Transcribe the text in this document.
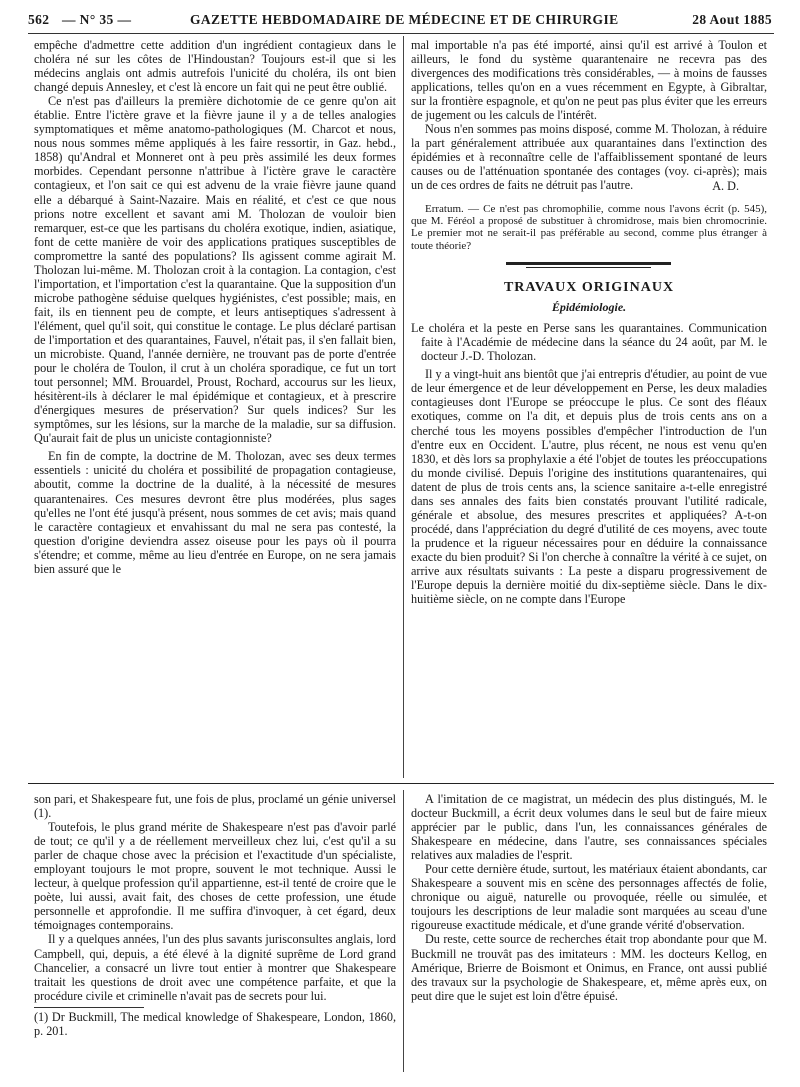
562 — N° 35 —	GAZETTE HEBDOMADAIRE DE MÉDECINE ET DE CHIRURGIE	28 Aout 1885

empêche d'admettre cette addition d'un ingrédient contagieux dans le choléra né sur les côtes de l'Hindoustan? Toujours est-il que si les médecins anglais ont admis autrefois l'unicité du choléra, ils ont bien changé depuis Annesley, et c'est là encore un fait qui ne peut être oublié.

Ce n'est pas d'ailleurs la première dichotomie de ce genre qu'on ait établie. Entre l'ictère grave et la fièvre jaune il y a de telles analogies symptomatiques et même anatomo-pathologiques (M. Charcot et nous, nous nous sommes même appliqués à les faire ressortir, in Gaz. hebd., 1858) qu'Andral et Monneret ont à peu près assimilé les deux formes morbides. Cependant personne n'attribue à l'ictère grave le caractère contagieux, et l'on sait ce qui est advenu de la vraie fièvre jaune quand elle a débarqué à Saint-Nazaire. Mais en réalité, et c'est ce que nous prions notre excellent et savant ami M. Tholozan de vouloir bien remarquer, est-ce que les partisans du choléra exotique, indien, asiatique, font de cette manière de voir des applications pratiques susceptibles de compromettre la santé des populations? Ils agissent comme agirait M. Tholozan lui-même. M. Tholozan croit à la contagion. La contagion, c'est l'importation, et l'importation c'est la quarantaine. Que la supposition d'un microbe pathogène séduise quelques hygiénistes, c'est possible; mais, en fait, ils en tiennent peu de compte, et leurs antiseptiques s'adressent à l'élément, quel qu'il soit, qui constitue le contage. Le plus déclaré partisan de l'importation et des quarantaines, Fauvel, n'était pas, il s'en fallait bien, un microbiste. Quand, l'année dernière, ne trouvant pas de porte d'entrée pour le choléra de Toulon, il crut à un choléra sporadique, ce fut un tort tout personnel; MM. Brouardel, Proust, Rochard, accourus sur les lieux, hésitèrent-ils à déclarer le mal épidémique et contagieux, et à prescrire d'énergiques mesures de préservation? Sur quels indices? Sur les symptômes, sur les lésions, sur la marche de la maladie, sur sa diffusion. Qu'aurait fait de plus un uniciste contagionniste?

En fin de compte, la doctrine de M. Tholozan, avec ses deux termes essentiels : unicité du choléra et possibilité de propagation contagieuse, aboutit, comme la doctrine de la dualité, à la nécessité de mesures quarantenaires. Ces mesures devront être plus modérées, plus sages qu'elles ne l'ont été jusqu'à présent, nous sommes de cet avis; mais quand le caractère contagieux et envahissant du mal ne sera pas contesté, la question d'origine deviendra assez oiseuse pour les pays où il pourra s'étendre; et comme, même au lieu d'entrée en Europe, on ne sera jamais bien assuré que le

mal importable n'a pas été importé, ainsi qu'il est arrivé à Toulon et ailleurs, le fond du système quarantenaire ne recevra pas des divergences des modifications très considérables, — à moins de fausses applications, telles qu'on en a vues récemment en Egypte, à Gibraltar, sur la frontière espagnole, et qu'on ne peut pas plus éviter que les erreurs de jugement ou les calculs de l'intérêt.

Nous n'en sommes pas moins disposé, comme M. Tholozan, à réduire la part généralement attribuée aux quarantaines dans l'extinction des épidémies et à reconnaître celle de l'affaiblissement spontané de leurs causes ou de l'atténuation spontanée des contages (voy. ci-après); mais un de ces ordres de faits ne détruit pas l'autre.	A. D.

Erratum. — Ce n'est pas chromophilie, comme nous l'avons écrit (p. 545), que M. Féréol a proposé de substituer à chromidrose, mais bien chromocrinie. Le premier mot ne serait-il pas préférable au second, comme plus étranger à toute théorie?

TRAVAUX ORIGINAUX
Épidémiologie.

Le choléra et la peste en Perse sans les quarantaines. Communication faite à l'Académie de médecine dans la séance du 24 août, par M. le docteur J.-D. Tholozan.

Il y a vingt-huit ans bientôt que j'ai entrepris d'étudier, au point de vue de leur émergence et de leur développement en Perse, les deux maladies contagieuses dont l'Europe se préoccupe le plus. Ce sont des fléaux exotiques, comme on l'a dit, et depuis plus de trois cents ans on a cherché tous les moyens possibles d'empêcher l'introduction de l'un d'entre eux en Occident. L'autre, plus récent, ne nous est venu qu'en 1830, et dès lors sa prophylaxie a été l'objet de toutes les préoccupations du monde civilisé. Depuis l'origine des institutions quarantenaires, qui datent de plus de trois cents ans, la science sanitaire a-t-elle enregistré dans ses annales des faits bien constatés prouvant l'utilité radicale, générale et absolue, des mesures prescrites et appliquées? A-t-on procédé, dans l'appréciation du degré d'utilité de ces moyens, avec toute la prudence et la rigueur nécessaires pour en déduire la connaissance exacte du bien produit? Si l'on cherche à connaître la vérité à ce sujet, on arrive aux résultats suivants : La peste a disparu progressivement de l'Europe depuis la dernière moitié du dix-septième siècle. Dans le dix-huitième siècle, on ne compte dans l'Europe

son pari, et Shakespeare fut, une fois de plus, proclamé un génie universel (1).

Toutefois, le plus grand mérite de Shakespeare n'est pas d'avoir parlé de tout; ce qu'il y a de réellement merveilleux chez lui, c'est qu'il a su parler de chaque chose avec la précision et l'exactitude d'un spécialiste, employant toujours le mot propre, souvent le mot technique. Aussi le lecteur, à quelque profession qu'il appartienne, est-il tenté de croire que le poète, lui aussi, avait fait, des choses de cette profession, une étude personnelle et approfondie. Il me suffira d'invoquer, à cet égard, deux témoignages contemporains.

Il y a quelques années, l'un des plus savants jurisconsultes anglais, lord Campbell, qui, depuis, a été élevé à la dignité suprême de Lord grand Chancelier, a consacré un livre tout entier à montrer que Shakespeare traitait les questions de droit avec une compétence parfaite, et que la procédure civile et criminelle n'avait pas de secrets pour lui.

(1) Dr Buckmill, The medical knowledge of Shakespeare, London, 1860, p. 201.

A l'imitation de ce magistrat, un médecin des plus distingués, M. le docteur Buckmill, a écrit deux volumes dans le seul but de faire mieux apprécier par le public, dans l'un, les connaissances générales de Shakespeare en médecine, dans l'autre, ses connaissances spéciales relatives aux maladies de l'esprit.

Pour cette dernière étude, surtout, les matériaux étaient abondants, car Shakespeare a souvent mis en scène des personnages affectés de folie, chronique ou aiguë, naturelle ou provoquée, réelle ou simulée, et toujours les descriptions de leur maladie sont marquées au sceau d'une rigoureuse exactitude médicale, et d'une grande vérité d'observation.

Du reste, cette source de recherches était trop abondante pour que M. Buckmill ne trouvât pas des imitateurs : MM. les docteurs Kellog, en Amérique, Brierre de Boismont et Onimus, en France, ont aussi publié des travaux sur la psychologie de Shakespeare, et, même après eux, on peut dire que le sujet est loin d'être épuisé.
